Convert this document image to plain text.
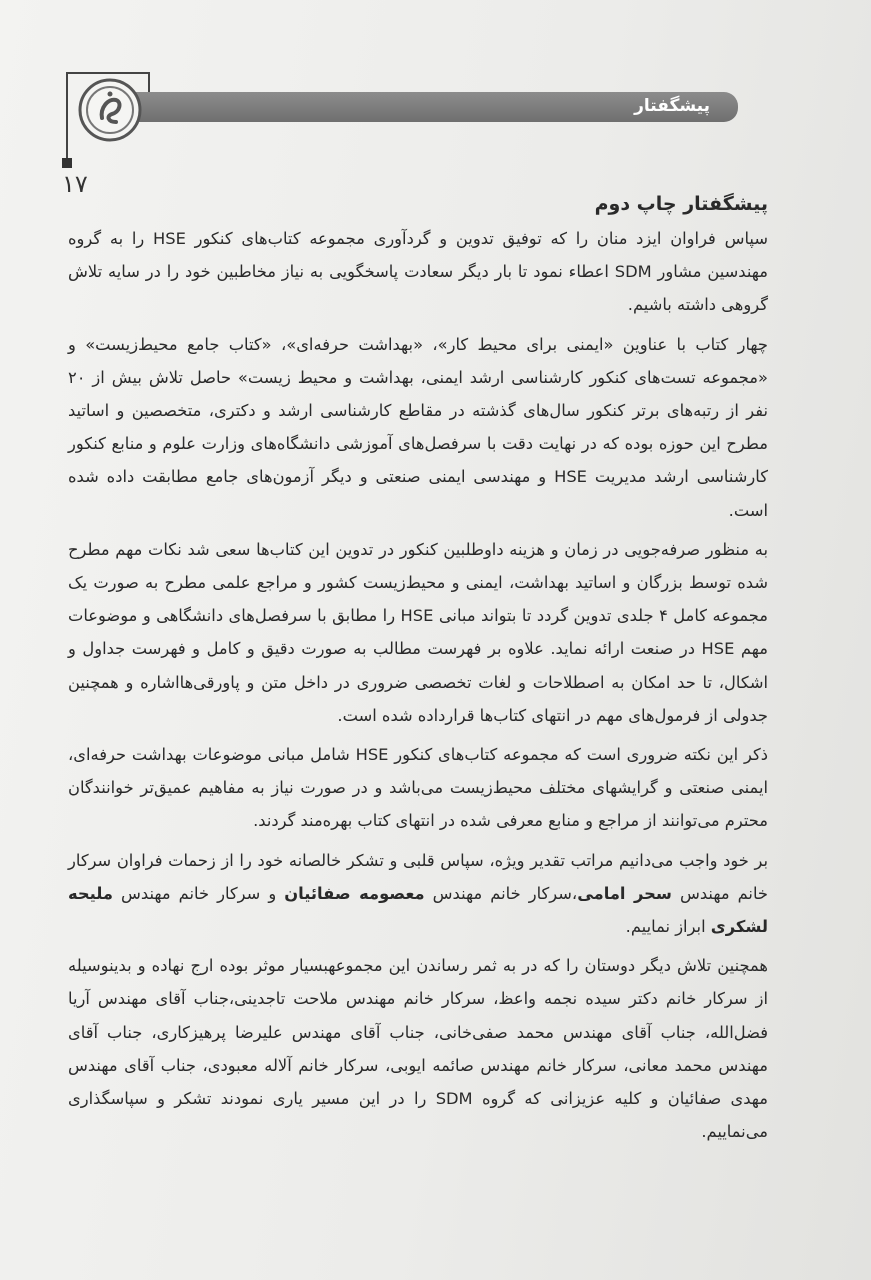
پیشگفتار
۱۷
پیشگفتار چاپ دوم

سپاس فراوان ایزد منان را که توفیق تدوین و گردآوری مجموعه کتاب‌های کنکور HSE را به گروه مهندسین مشاور SDM اعطاء نمود تا بار دیگر سعادت پاسخگویی به نیاز مخاطبین خود را در سایه تلاش گروهی داشته باشیم.

چهار کتاب با عناوین «ایمنی برای محیط کار»، «بهداشت حرفه‌ای»، «کتاب جامع محیط‌زیست» و «مجموعه تست‌های کنکور کارشناسی ارشد ایمنی، بهداشت و محیط زیست» حاصل تلاش بیش از ۲۰ نفر از رتبه‌های برتر کنکور سال‌های گذشته در مقاطع کارشناسی ارشد و دکتری، متخصصین و اساتید مطرح این حوزه بوده که در نهایت دقت با سرفصل‌های آموزشی دانشگاه‌های وزارت علوم و منابع کنکور کارشناسی ارشد مدیریت HSE و مهندسی ایمنی صنعتی و دیگر آزمون‌های جامع مطابقت داده شده است.

به منظور صرفه‌جویی در زمان و هزینه داوطلبین کنکور در تدوین این کتاب‌ها سعی شد نکات مهم مطرح شده توسط بزرگان و اساتید بهداشت، ایمنی و محیط‌زیست کشور و مراجع علمی مطرح به صورت یک مجموعه کامل ۴ جلدی تدوین گردد تا بتواند مبانی HSE را مطابق با سرفصل‌های دانشگاهی و موضوعات مهم HSE در صنعت ارائه نماید. علاوه بر فهرست مطالب به صورت دقیق و کامل و فهرست جداول و اشکال، تا حد امکان به اصطلاحات و لغات تخصصی ضروری در داخل متن و پاورقی‌هااشاره و همچنین جدولی از فرمول‌های مهم در انتهای کتاب‌ها قرارداده شده است.

ذکر این نکته ضروری است که مجموعه کتاب‌های کنکور HSE شامل مبانی موضوعات بهداشت حرفه‌ای، ایمنی صنعتی و گرایشهای مختلف محیط‌زیست می‌باشد و در صورت نیاز به مفاهیم عمیق‌تر خوانندگان محترم می‌توانند از مراجع و منابع معرفی شده در انتهای کتاب بهره‌مند گردند.

بر خود واجب می‌دانیم مراتب تقدیر ویژه، سپاس قلبی و تشکر خالصانه خود را از زحمات فراوان سرکار خانم مهندس سحر امامی،سرکار خانم مهندس معصومه صفائیان و سرکار خانم مهندس ملیحه لشکری ابراز نماییم.

همچنین تلاش دیگر دوستان را که در به ثمر رساندن این مجموعهبسیار موثر بوده ارج نهاده و بدینوسیله از سرکار خانم دکتر سیده نجمه واعظ، سرکار خانم مهندس ملاحت تاجدینی،جناب آقای مهندس آریا فضل‌الله، جناب آقای مهندس محمد صفی‌خانی، جناب آقای مهندس علیرضا پرهیزکاری، جناب آقای مهندس محمد معانی، سرکار خانم مهندس صائمه ایوبی، سرکار خانم آلاله معبودی، جناب آقای مهندس مهدی صفائیان و کلیه عزیزانی که گروه SDM را در این مسیر یاری نمودند تشکر و سپاسگذاری می‌نماییم.
